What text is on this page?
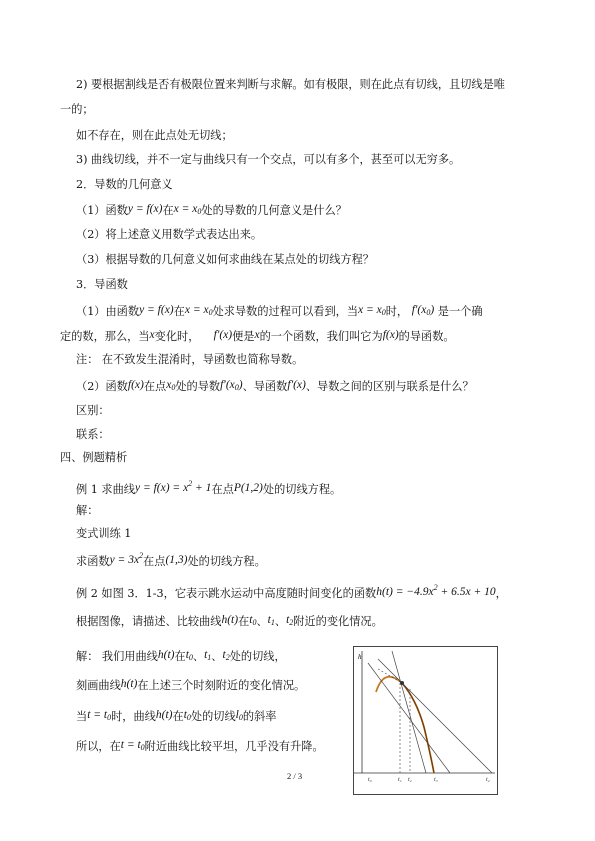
2) 要根据割线是否有极限位置来判断与求解。如有极限，则在此点有切线，且切线是唯
一的；
如不存在，则在此点处无切线；
3) 曲线切线，并不一定与曲线只有一个交点，可以有多个，甚至可以无穷多。
2．导数的几何意义
（1）函数y = f(x)在$x = x_0$处的导数的几何意义是什么？
（2）将上述意义用数学式表达出来。
（3）根据导数的几何意义如何求曲线在某点处的切线方程？
3．导函数
（1）由函数y = f(x)在$x = x_0$处求导数的过程可以看到，当$x = x_0$时， $f'(x_0)$ 是一个确
定的数，那么，当x变化时， f′(x)便是x的一个函数，我们叫它为f(x)的导函数。
注： 在不致发生混淆时，导函数也简称导数。
（2）函数f(x)在点$x_0$处的导数$f'(x_0)$、导函数f′(x)、导数之间的区别与联系是什么？
区别：
联系：
四、例题精析
例 1 求曲线$y = f(x) = x^2 + 1$在点P(1,2)处的切线方程。
解：
变式训练 1
求函数$y = 3x^2$在点(1,3)处的切线方程。
例 2 如图 3．1-3，它表示跳水运动中高度随时间变化的函数$h(t) = -4.9x^2 + 6.5x + 10$，
根据图像，请描述、比较曲线h(t)在$t_0$、$t_1$、$t_2$附近的变化情况。
解： 我们用曲线h(t)在$t_0$、$t_1$、$t_2$处的切线，
刻画曲线h(t)在上述三个时刻附近的变化情况。
当$t = t_0$时，曲线h(t)在$t_0$处的切线$l_0$的斜率
所以，在$t = t_0$附近曲线比较平坦，几乎没有升降。
h
t₀	t₁ t₂	t₃	t₄
2 / 3
